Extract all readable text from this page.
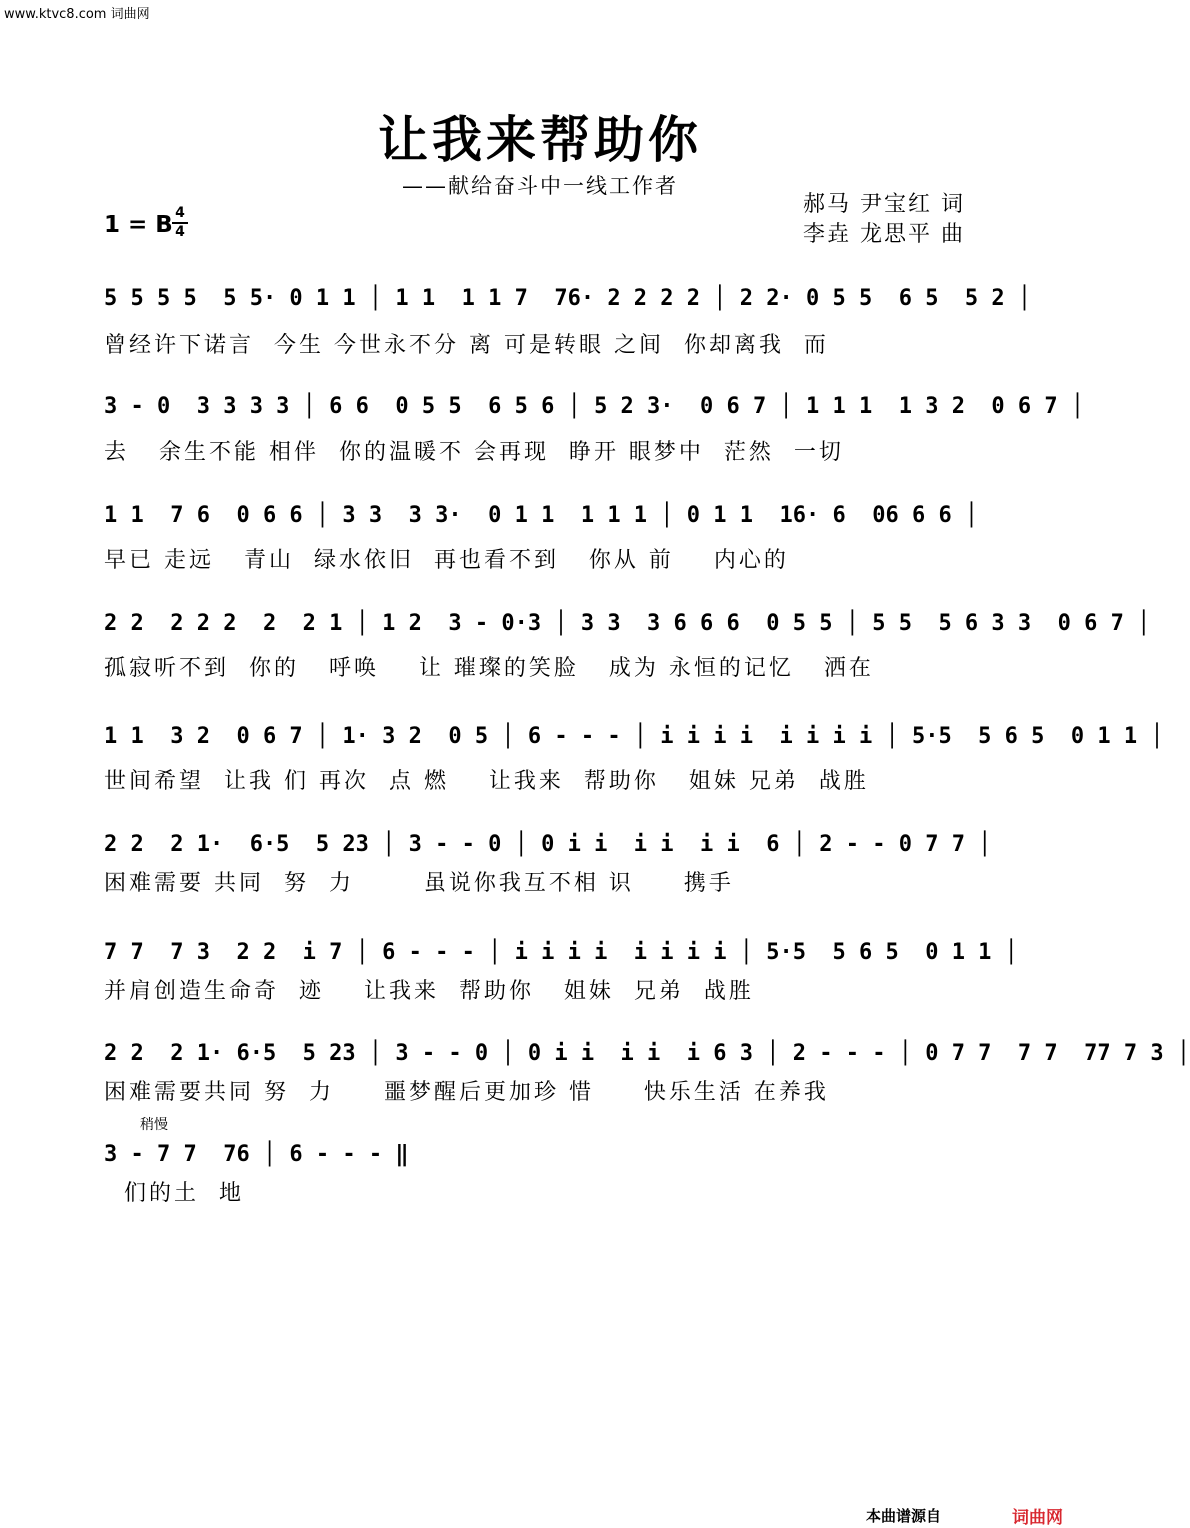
www.ktvc8.com 词曲网
让我来帮助你
——献给奋斗中一线工作者
1 = B 4
4
郝马 尹宝红 词
李垚 龙思平 曲
5 5 5 5  5 5· 0 1 1 │ 1 1  1 1 7  76· 2 2 2 2 │ 2 2· 0 5 5  6 5  5 2 │
曾经许下诺言  今生 今世永不分 离 可是转眼 之间  你却离我  而
3 - 0  3 3 3 3 │ 6 6  0 5 5  6 5 6 │ 5 2 3·  0 6 7 │ 1 1 1  1 3 2  0 6 7 │
去   余生不能 相伴  你的温暖不 会再现  睁开 眼梦中  茫然  一切
1 1  7 6  0 6 6 │ 3 3  3 3·  0 1 1  1 1 1 │ 0 1 1  16· 6  06 6 6 │
早已 走远   青山  绿水依旧  再也看不到   你从 前    内心的
2 2  2 2 2  2  2 1 │ 1 2  3 - 0·3 │ 3 3  3 6 6 6  0 5 5 │ 5 5  5 6 3 3  0 6 7 │
孤寂听不到  你的   呼唤    让 璀璨的笑脸   成为 永恒的记忆   洒在
1 1  3 2  0 6 7 │ 1· 3 2  0 5 │ 6 - - - │ i i i i  i i i i │ 5·5  5 6 5  0 1 1 │
世间希望  让我 们 再次  点 燃    让我来  帮助你   姐妹 兄弟  战胜
2 2  2 1·  6·5  5 23 │ 3 - - 0 │ 0 i i  i i  i i  6 │ 2 - - 0 7 7 │
困难需要 共同  努  力       虽说你我互不相 识     携手
7 7  7 3  2 2  i 7 │ 6 - - - │ i i i i  i i i i │ 5·5  5 6 5  0 1 1 │
并肩创造生命奇  迹    让我来  帮助你   姐妹  兄弟  战胜
2 2  2 1· 6·5  5 23 │ 3 - - 0 │ 0 i i  i i  i 6 3 │ 2 - - - │ 0 7 7  7 7  77 7 3 │
困难需要共同 努  力     噩梦醒后更加珍 惜     快乐生活 在养我
稍慢
3 - 7 7  76 │ 6 - - - ‖
们的土  地
本曲谱源自	词曲网
